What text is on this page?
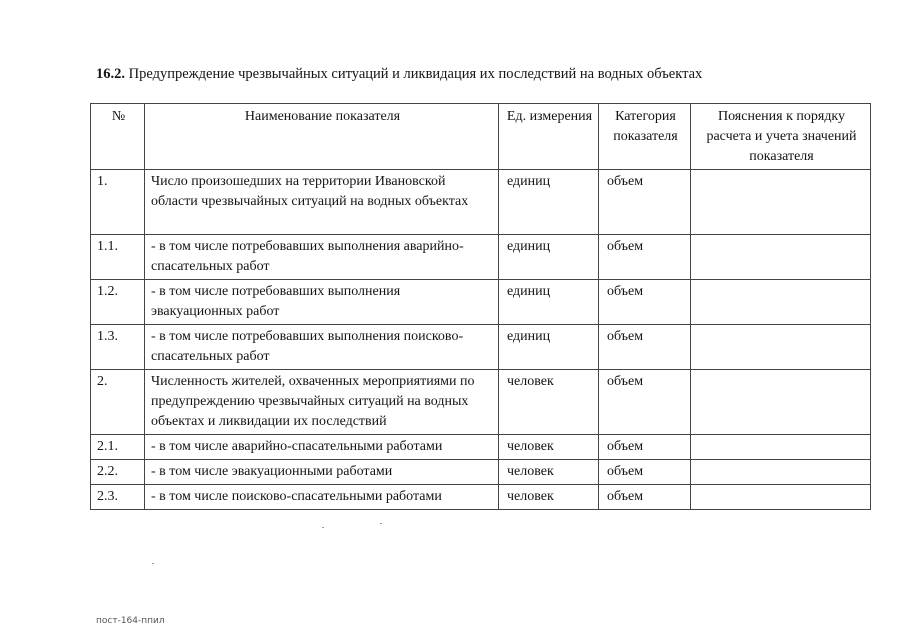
16.2. Предупреждение чрезвычайных ситуаций и ликвидация их последствий на водных объектах
№	Наименование показателя	Ед. измерения	Категория показателя	Пояснения к порядку расчета и учета значений показателя
1.	Число произошедших на территории Ивановской области чрезвычайных ситуаций на водных объектах	единиц	объем	
1.1.	- в том числе потребовавших выполнения аварийно-спасательных работ	единиц	объем	
1.2.	- в том числе потребовавших выполнения эвакуационных работ	единиц	объем	
1.3.	- в том числе потребовавших выполнения поисково-спасательных работ	единиц	объем	
2.	Численность жителей, охваченных мероприятиями по предупреждению чрезвычайных ситуаций на водных объектах и ликвидации их последствий	человек	объем	
2.1.	- в том числе аварийно-спасательными работами	человек	объем	
2.2.	- в том числе эвакуационными работами	человек	объем	
2.3.	- в том числе поисково-спасательными работами	человек	объем	
пост-164-ппил
